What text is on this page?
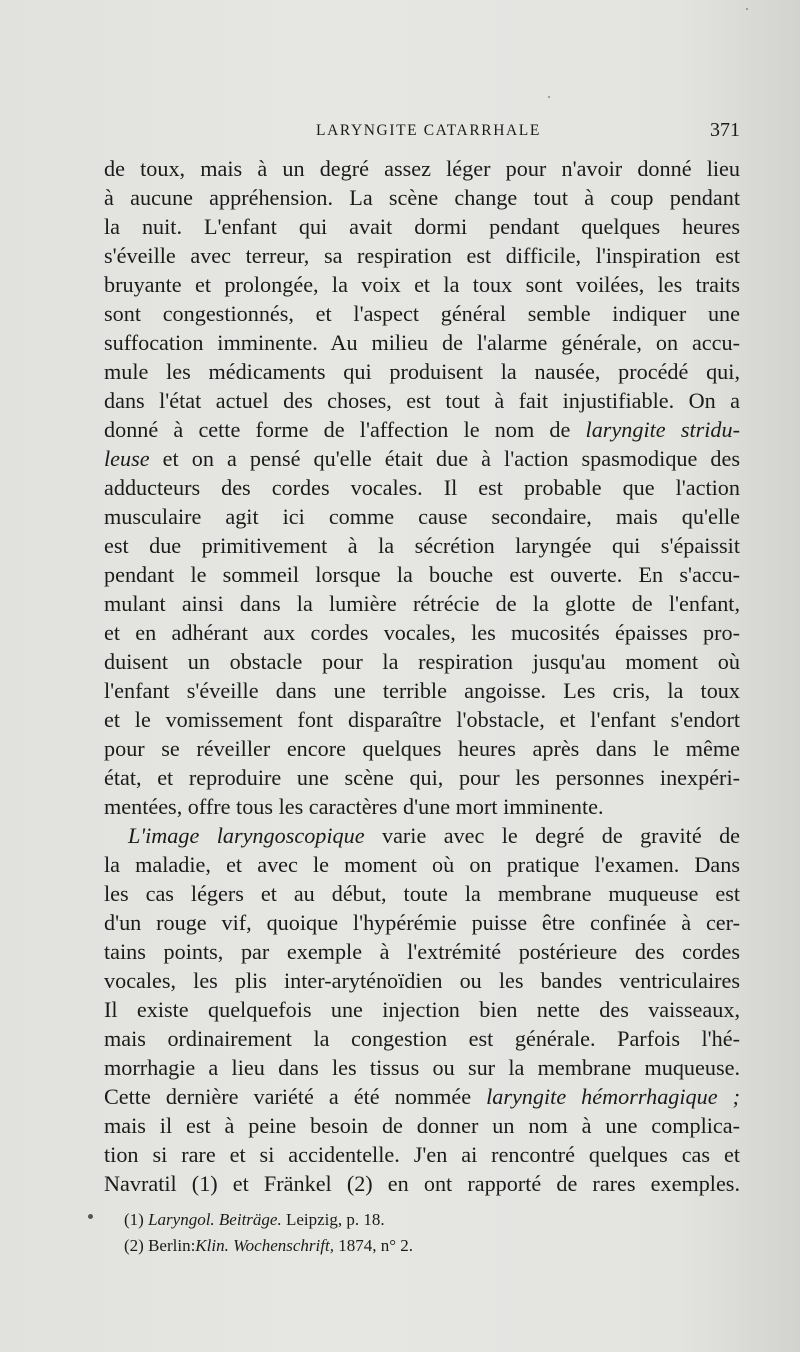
LARYNGITE CATARRHALE	371
de toux, mais à un degré assez léger pour n'avoir donné lieu
à aucune appréhension. La scène change tout à coup pendant
la nuit. L'enfant qui avait dormi pendant quelques heures
s'éveille avec terreur, sa respiration est difficile, l'inspiration est
bruyante et prolongée, la voix et la toux sont voilées, les traits
sont congestionnés, et l'aspect général semble indiquer une
suffocation imminente. Au milieu de l'alarme générale, on accu-
mule les médicaments qui produisent la nausée, procédé qui,
dans l'état actuel des choses, est tout à fait injustifiable. On a
donné à cette forme de l'affection le nom de laryngite stridu-
leuse et on a pensé qu'elle était due à l'action spasmodique des
adducteurs des cordes vocales. Il est probable que l'action
musculaire agit ici comme cause secondaire, mais qu'elle
est due primitivement à la sécrétion laryngée qui s'épaissit
pendant le sommeil lorsque la bouche est ouverte. En s'accu-
mulant ainsi dans la lumière rétrécie de la glotte de l'enfant,
et en adhérant aux cordes vocales, les mucosités épaisses pro-
duisent un obstacle pour la respiration jusqu'au moment où
l'enfant s'éveille dans une terrible angoisse. Les cris, la toux
et le vomissement font disparaître l'obstacle, et l'enfant s'endort
pour se réveiller encore quelques heures après dans le même
état, et reproduire une scène qui, pour les personnes inexpéri-
mentées, offre tous les caractères d'une mort imminente.
L'image laryngoscopique varie avec le degré de gravité de
la maladie, et avec le moment où on pratique l'examen. Dans
les cas légers et au début, toute la membrane muqueuse est
d'un rouge vif, quoique l'hypérémie puisse être confinée à cer-
tains points, par exemple à l'extrémité postérieure des cordes
vocales, les plis inter-aryténoïdien ou les bandes ventriculaires
Il existe quelquefois une injection bien nette des vaisseaux,
mais ordinairement la congestion est générale. Parfois l'hé-
morrhagie a lieu dans les tissus ou sur la membrane muqueuse.
Cette dernière variété a été nommée laryngite hémorrhagique ;
mais il est à peine besoin de donner un nom à une complica-
tion si rare et si accidentelle. J'en ai rencontré quelques cas et
Navratil (1) et Fränkel (2) en ont rapporté de rares exemples.
(1) Laryngol. Beiträge. Leipzig, p. 18.
(2) Berlin:Klin. Wochenschrift, 1874, n° 2.
